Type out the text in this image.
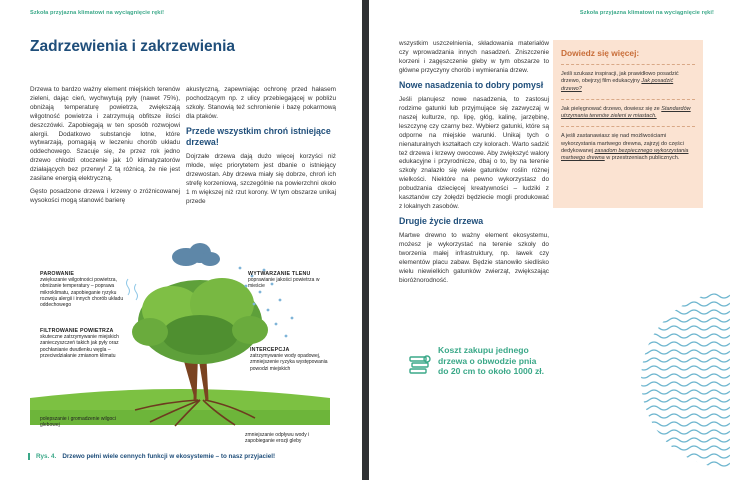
Szkoła przyjazna klimatowi na wyciągnięcie ręki!
Zadrzewienia i zakrzewienia

Drzewa to bardzo ważny element miejskich terenów zieleni, dając cień, wychwytują pyły (nawet 75%), obniżają temperaturę powietrza, zwiększają wilgotność powietrza i zatrzymują obfitsze ilości deszczówki. Zapobiegają w ten sposób rozwojowi alergii. Dodatkowo substancje lotne, które wytwarzają, pomagają w leczeniu chorób układu oddechowego. Szacuje się, że przez rok jedno drzewo chłodzi otoczenie jak 10 klimatyzatorów działających bez przerwy! Z tą różnicą, że nie jest zasilane energią elektryczną.

Gęsto posadzone drzewa i krzewy o zróżnicowanej wysokości mogą stanowić barierę

akustyczną, zapewniając ochronę przed hałasem pochodzącym np. z ulicy przebiegającej w pobliżu szkoły. Stanowią też schronienie i bazę pokarmową dla ptaków.

Przede wszystkim chroń istniejące drzewa!

Dojrzałe drzewa dają dużo więcej korzyści niż młode, więc priorytetem jest dbanie o istniejący drzewostan. Aby drzewa miały się dobrze, chroń ich strefę korzeniową, szczególnie na powierzchni około 1 m większej niż rzut korony. W tym obszarze unikaj przede

PAROWANIE
zwiększanie wilgotności powietrza, obniżanie temperatury – poprawa mikroklimatu, zapobieganie ryzyku rozwoju alergii i innych chorób układu oddechowego
FILTROWANIE POWIETRZA
skuteczne zatrzymywanie miejskich zanieczyszczeń takich jak pyły oraz pochłanianie dwutlenku węgla – przeciwdziałanie zmianom klimatu
WYTWARZANIE TLENU
poprawianie jakości powietrza w mieście
INTERCEPCJA
zatrzymywanie wody opadowej, zmniejszenie ryzyka występowania powodzi miejskich
polepszanie i gromadzenie wilgoci glebowej
zmniejszanie odpływu wody i zapobieganie erozji gleby
Rys. 4. Drzewo pełni wiele cennych funkcji w ekosystemie – to nasz przyjaciel!
Szkoła przyjazna klimatowi na wyciągnięcie ręki!

wszystkim uszczelnienia, składowania materiałów czy wprowadzania innych nasadzeń. Zniszczenie korzeni i zagęszczenie gleby w tym obszarze to główne przyczyny chorób i wymierania drzew.

Nowe nasadzenia to dobry pomysł

Jeśli planujesz nowe nasadzenia, to zastosuj rodzime gatunki lub przyjmujące się zazwyczaj w naszej kulturze, np. lipę, głóg, kalinę, jarzębinę, leszczynę czy czarny bez. Wybierz gatunki, które są odporne na miejskie warunki. Unikaj tych o nienaturalnych kształtach czy kolorach. Warto sadzić też drzewa i krzewy owocowe. Aby zwiększyć walory edukacyjne i przyrodnicze, dbaj o to, by na terenie szkoły znalazło się wiele gatunków roślin różnej wielkości. Niektóre na pewno wykorzystasz do pobudzania dziecięcej kreatywności – ludziki z kasztanów czy żołędzi będziecie mogli produkować z lokalnych zasobów.

Drugie życie drzewa

Martwe drewno to ważny element ekosystemu, możesz je wykorzystać na terenie szkoły do tworzenia małej infrastruktury, np. ławek czy elementów placu zabaw. Będzie stanowiło siedlisko wielu niewielkich gatunków zwierząt, zwiększając bioróżnorodność.

Dowiedz się więcej:
Jeśli szukasz inspiracji, jak prawidłowo posadzić drzewo, obejrzyj film edukacyjny Jak posadzić drzewo?
Jak pielęgnować drzewo, dowiesz się ze Standardów utrzymania terenów zieleni w miastach.
A jeśli zastanawiasz się nad możliwościami wykorzystania martwego drewna, zajrzyj do części dedykowanej zasadom bezpiecznego wykorzystania martwego drewna w przestrzeniach publicznych.
Koszt zakupu jednego drzewa o obwodzie pnia do 20 cm to około 1000 zł.
